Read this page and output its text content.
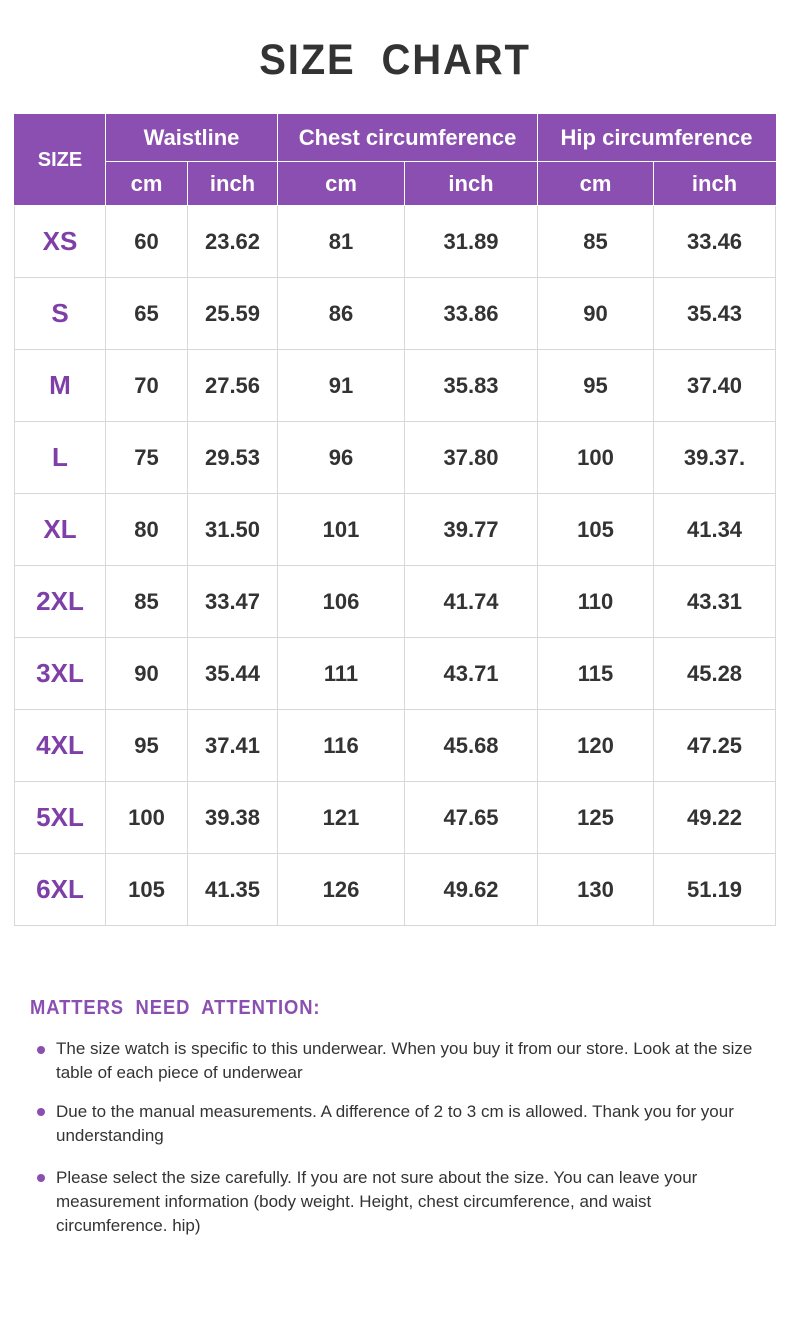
SIZE CHART
SIZE	Waistline		Chest circumference		Hip circumference	
	cm	inch	cm	inch	cm	inch
XS	60	23.62	81	31.89	85	33.46
S	65	25.59	86	33.86	90	35.43
M	70	27.56	91	35.83	95	37.40
L	75	29.53	96	37.80	100	39.37.
XL	80	31.50	101	39.77	105	41.34
2XL	85	33.47	106	41.74	110	43.31
3XL	90	35.44	111	43.71	115	45.28
4XL	95	37.41	116	45.68	120	47.25
5XL	100	39.38	121	47.65	125	49.22
6XL	105	41.35	126	49.62	130	51.19
MATTERS NEED ATTENTION:
The size watch is specific to this underwear. When you buy it from our store. Look at the size table of each piece of underwear
Due to the manual measurements. A difference of 2 to 3 cm is allowed. Thank you for your understanding
Please select the size carefully. If you are not sure about the size. You can leave your measurement information (body weight. Height, chest circumference, and waist circumference. hip)
